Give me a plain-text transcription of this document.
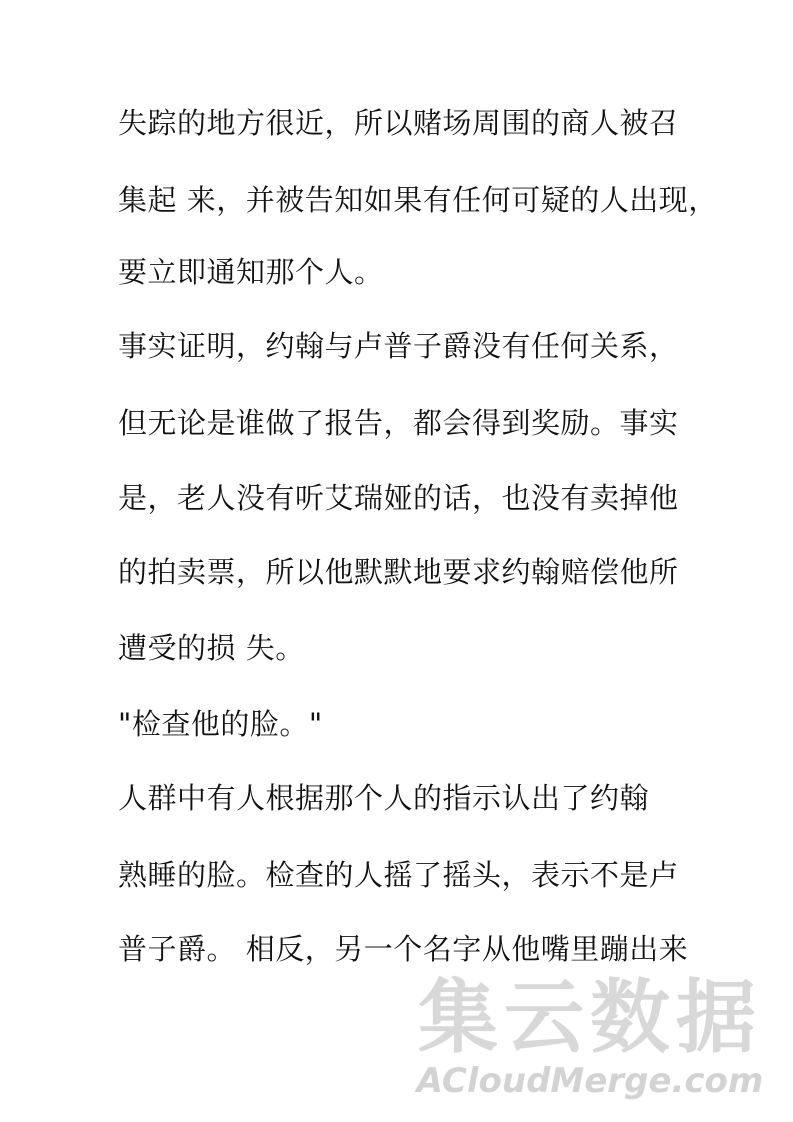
失踪的地方很近，所以赌场周围的商人被召
集起 来，并被告知如果有任何可疑的人出现，
要立即通知那个人。
事实证明，约翰与卢普子爵没有任何关系，
但无论是谁做了报告，都会得到奖励。事实
是，老人没有听艾瑞娅的话，也没有卖掉他
的拍卖票，所以他默默地要求约翰赔偿他所
遭受的损 失。
"检查他的脸。"
人群中有人根据那个人的指示认出了约翰
熟睡的脸。检查的人摇了摇头，表示不是卢
普子爵。 相反，另一个名字从他嘴里蹦出来
集云数据
ACloudMerge.com
